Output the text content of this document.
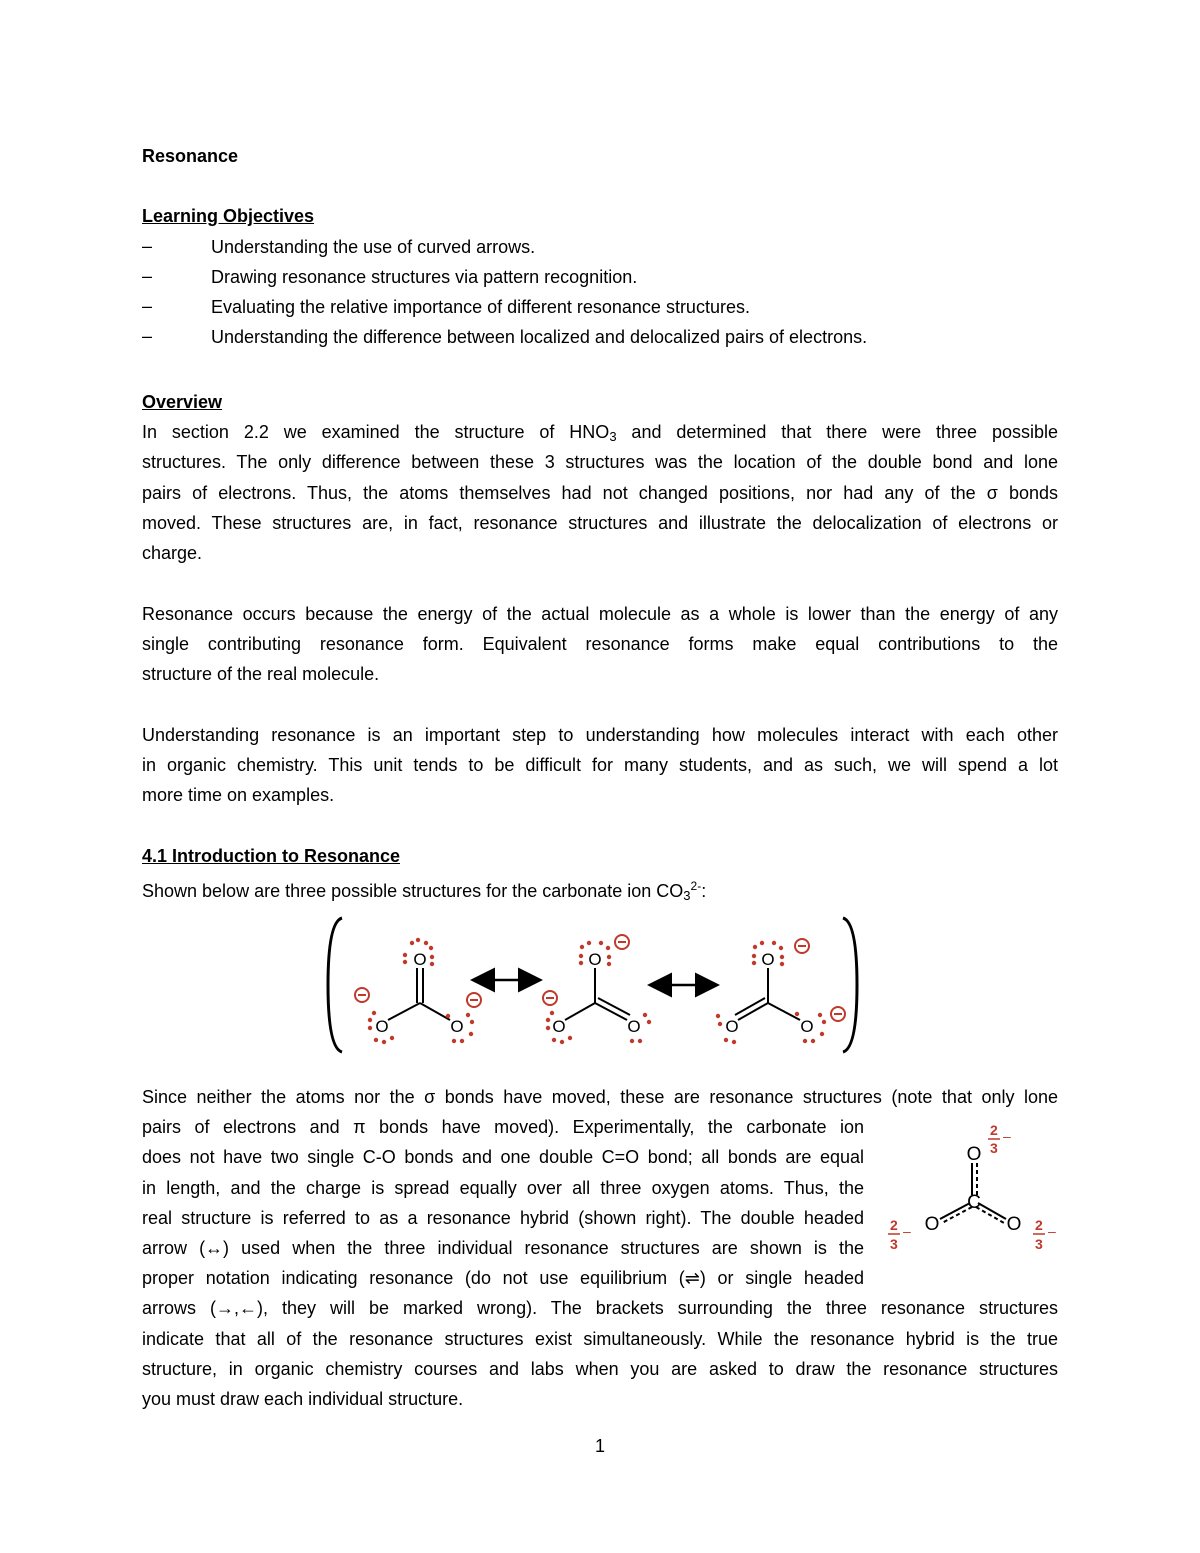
Resonance
Learning Objectives
–	Understanding the use of curved arrows.
–	Drawing resonance structures via pattern recognition.
–	Evaluating the relative importance of different resonance structures.
–	Understanding the difference between localized and delocalized pairs of electrons.
Overview
In section 2.2 we examined the structure of $HNO_3$ and determined that there were three possible
structures. The only difference between these 3 structures was the location of the double bond and lone
pairs of electrons. Thus, the atoms themselves had not changed positions, nor had any of the σ bonds
moved. These structures are, in fact, resonance structures and illustrate the delocalization of electrons or
charge.
Resonance occurs because the energy of the actual molecule as a whole is lower than the energy of any
single contributing resonance form. Equivalent resonance forms make equal contributions to the
structure of the real molecule.
Understanding resonance is an important step to understanding how molecules interact with each other
in organic chemistry. This unit tends to be difficult for many students, and as such, we will spend a lot
more time on examples.
4.1 Introduction to Resonance
Shown below are three possible structures for the carbonate ion $CO_3^{2-}$:
O
O	O
O
O	O
O
O	O
Since neither the atoms nor the σ bonds have moved, these are resonance structures (note that only lone
pairs of electrons and π bonds have moved). Experimentally, the carbonate ion
does not have two single C-O bonds and one double C=O bond; all bonds are equal
in length, and the charge is spread equally over all three oxygen atoms. Thus, the
real structure is referred to as a resonance hybrid (shown right). The double headed
arrow (↔) used when the three individual resonance structures are shown is the
proper notation indicating resonance (do not use equilibrium (⇌) or single headed
arrows (→,←), they will be marked wrong). The brackets surrounding the three resonance structures
indicate that all of the resonance structures exist simultaneously. While the resonance hybrid is the true
structure, in organic chemistry courses and labs when you are asked to draw the resonance structures
you must draw each individual structure.
O
C
O	O
2
3
–
2
3
–	2
3
–
1
